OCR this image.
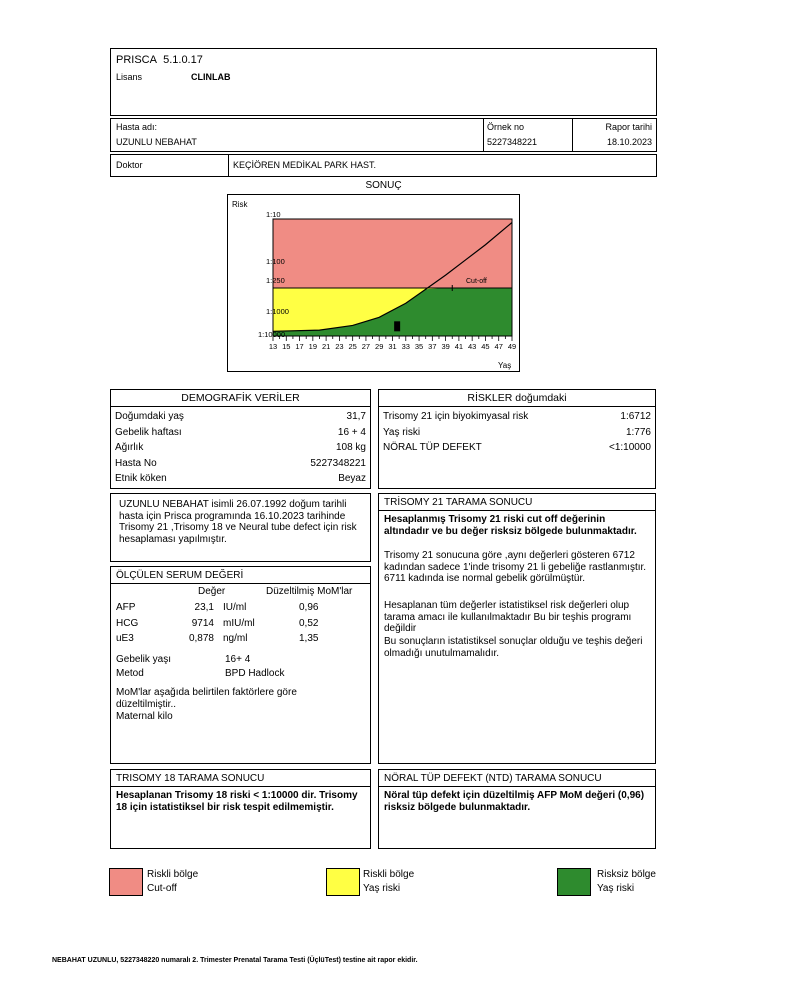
PRISCA 5.1.0.17
Lisans	CLINLAB
Hasta adı:
UZUNLU NEBAHAT
Örnek no
5227348221
Rapor tarihi
18.10.2023
Doktor	KEÇİÖREN MEDİKAL PARK HAST.
SONUÇ
Risk
Yaş
1:10
1:100
1:250
1:1000
1:10000
13 15 17 19 21 23 25 27 29 31 33 35 37 39 41 43 45 47 49
Cut-off
DEMOGRAFİK VERİLER
Doğumdaki yaş	31,7
Gebelik haftası	16 + 4
Ağırlık	108 kg
Hasta No	5227348221
Etnik köken	Beyaz
RİSKLER doğumdaki
Trisomy 21 için biyokimyasal risk	1:6712
Yaş riski	1:776
NÖRAL TÜP DEFEKT	<1:10000
UZUNLU NEBAHAT isimli 26.07.1992 doğum tarihli hasta için Prisca programında 16.10.2023 tarihinde Trisomy 21 ,Trisomy 18 ve Neural tube defect için risk hesaplaması yapılmıştır.
TRİSOMY 21 TARAMA SONUCU
Hesaplanmış Trisomy 21 riski cut off değerinin altındadır ve bu değer risksiz bölgede bulunmaktadır.
Trisomy 21 sonucuna göre ,aynı değerleri gösteren 6712 kadından sadece 1'inde trisomy 21 li gebeliğe rastlanmıştır. 6711 kadında ise normal gebelik görülmüştür.
Hesaplanan tüm değerler istatistiksel risk değerleri olup tarama amacı ile kullanılmaktadır Bu bir teşhis programı değildir
Bu sonuçların istatistiksel sonuçlar olduğu ve teşhis değeri olmadığı unutulmamalıdır.
ÖLÇÜLEN SERUM DEĞERİ
Değer	Düzeltilmiş MoM'lar
AFP	23,1 IU/ml	0,96
HCG	9714 mIU/ml	0,52
uE3	0,878 ng/ml	1,35
Gebelik yaşı	16+ 4
Metod	BPD Hadlock
MoM'lar aşağıda belirtilen faktörlere göre düzeltilmiştir..
Maternal kilo
TRISOMY 18 TARAMA SONUCU
Hesaplanan Trisomy 18 riski < 1:10000 dir. Trisomy 18 için istatistiksel bir risk tespit edilmemiştir.
NÖRAL TÜP DEFEKT (NTD) TARAMA SONUCU
Nöral tüp defekt için düzeltilmiş AFP MoM değeri (0,96) risksiz bölgede bulunmaktadır.
Riskli bölge
Cut-off
Riskli bölge
Yaş riski
Risksiz bölge
Yaş riski
NEBAHAT UZUNLU, 5227348220 numaralı 2. Trimester Prenatal Tarama Testi (ÜçlüTest) testine ait rapor ekidir.
